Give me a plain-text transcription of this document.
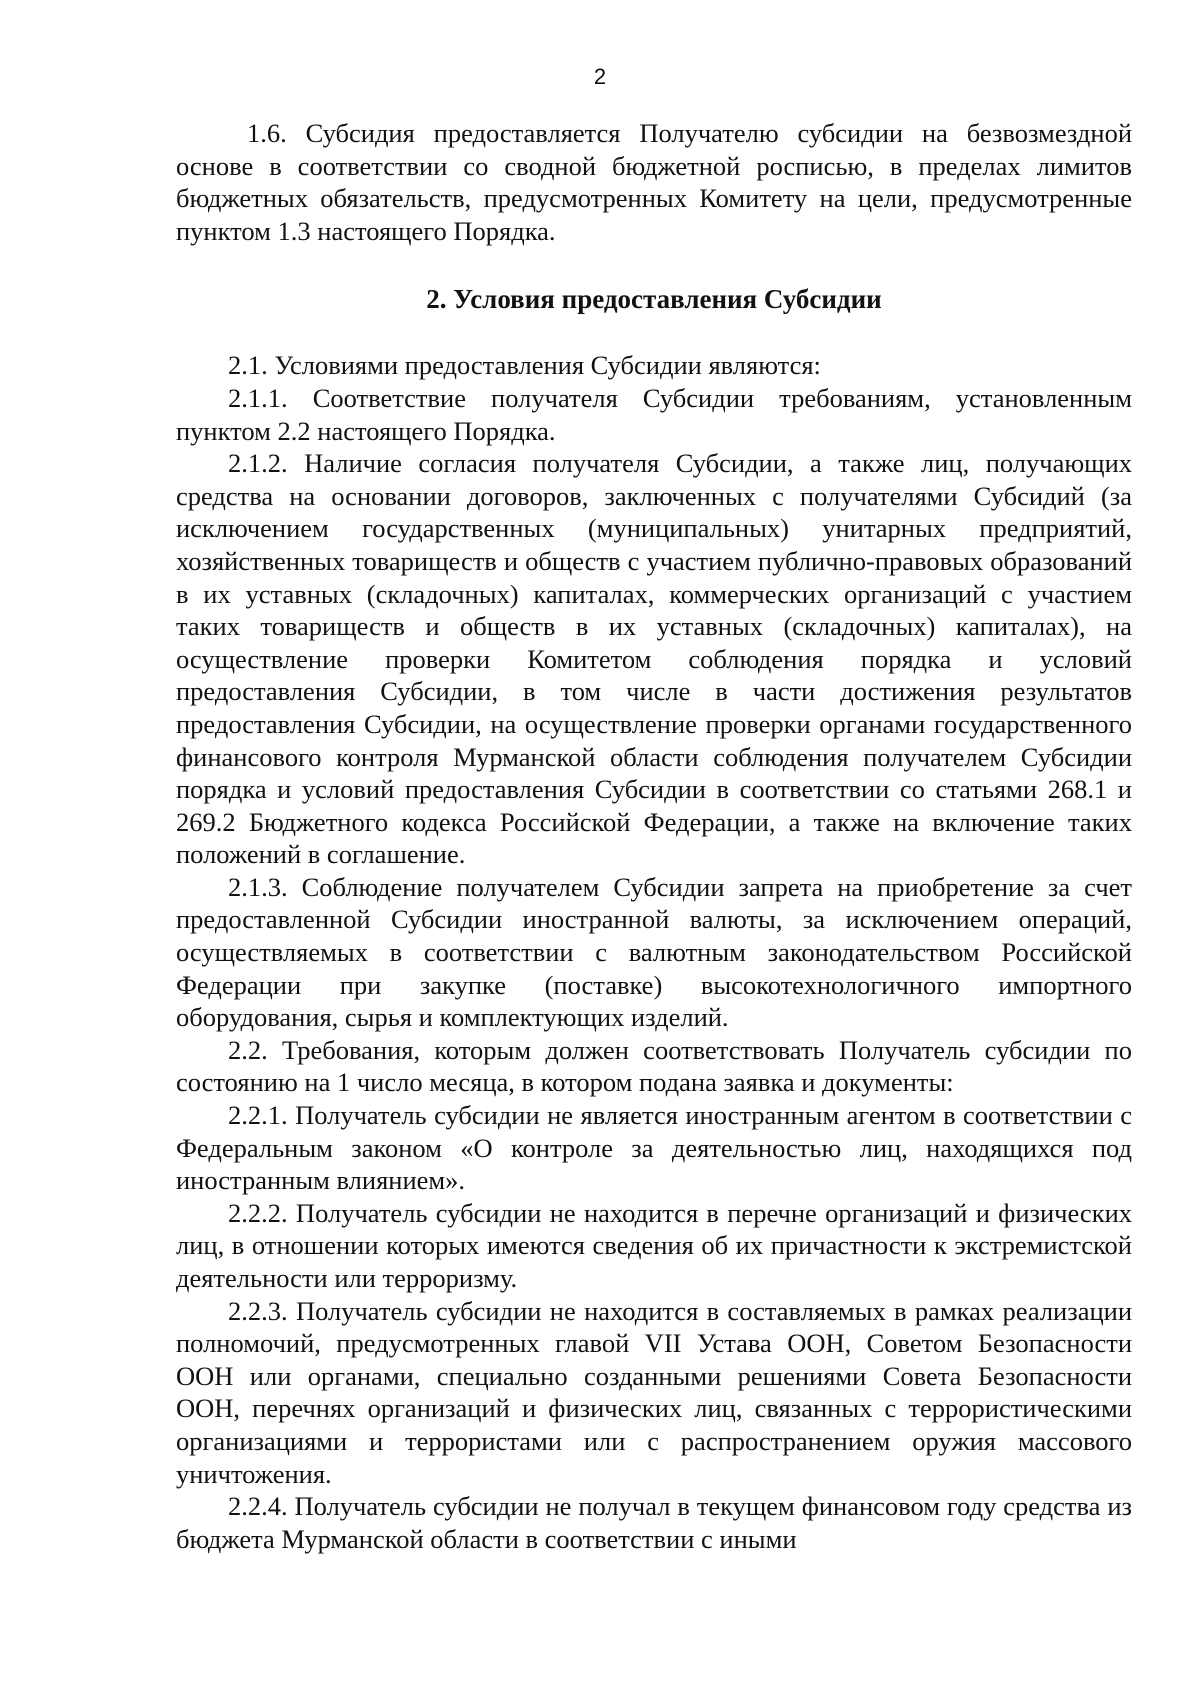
2

1.6. Субсидия предоставляется Получателю субсидии на безвозмездной основе в соответствии со сводной бюджетной росписью, в пределах лимитов бюджетных обязательств, предусмотренных Комитету на цели, предусмотренные пунктом 1.3 настоящего Порядка.

2. Условия предоставления Субсидии

2.1. Условиями предоставления Субсидии являются:

2.1.1. Соответствие получателя Субсидии требованиям, установленным пунктом 2.2 настоящего Порядка.

2.1.2. Наличие согласия получателя Субсидии, а также лиц, получающих средства на основании договоров, заключенных с получателями Субсидий (за исключением государственных (муниципальных) унитарных предприятий, хозяйственных товариществ и обществ с участием публично-правовых образований в их уставных (складочных) капиталах, коммерческих организаций с участием таких товариществ и обществ в их уставных (складочных) капиталах), на осуществление проверки Комитетом соблюдения порядка и условий предоставления Субсидии, в том числе в части достижения результатов предоставления Субсидии, на осуществление проверки органами государственного финансового контроля Мурманской области соблюдения получателем Субсидии порядка и условий предоставления Субсидии в соответствии со статьями 268.1 и 269.2 Бюджетного кодекса Российской Федерации, а также на включение таких положений в соглашение.

2.1.3. Соблюдение получателем Субсидии запрета на приобретение за счет предоставленной Субсидии иностранной валюты, за исключением операций, осуществляемых в соответствии с валютным законодательством Российской Федерации при закупке (поставке) высокотехнологичного импортного оборудования, сырья и комплектующих изделий.

2.2. Требования, которым должен соответствовать Получатель субсидии по состоянию на 1 число месяца, в котором подана заявка и документы:

2.2.1. Получатель субсидии не является иностранным агентом в соответствии с Федеральным законом «О контроле за деятельностью лиц, находящихся под иностранным влиянием».

2.2.2. Получатель субсидии не находится в перечне организаций и физических лиц, в отношении которых имеются сведения об их причастности к экстремистской деятельности или терроризму.

2.2.3. Получатель субсидии не находится в составляемых в рамках реализации полномочий, предусмотренных главой VII Устава ООН, Советом Безопасности ООН или органами, специально созданными решениями Совета Безопасности ООН, перечнях организаций и физических лиц, связанных с террористическими организациями и террористами или с распространением оружия массового уничтожения.

2.2.4. Получатель субсидии не получал в текущем финансовом году средства из бюджета Мурманской области в соответствии с иными
